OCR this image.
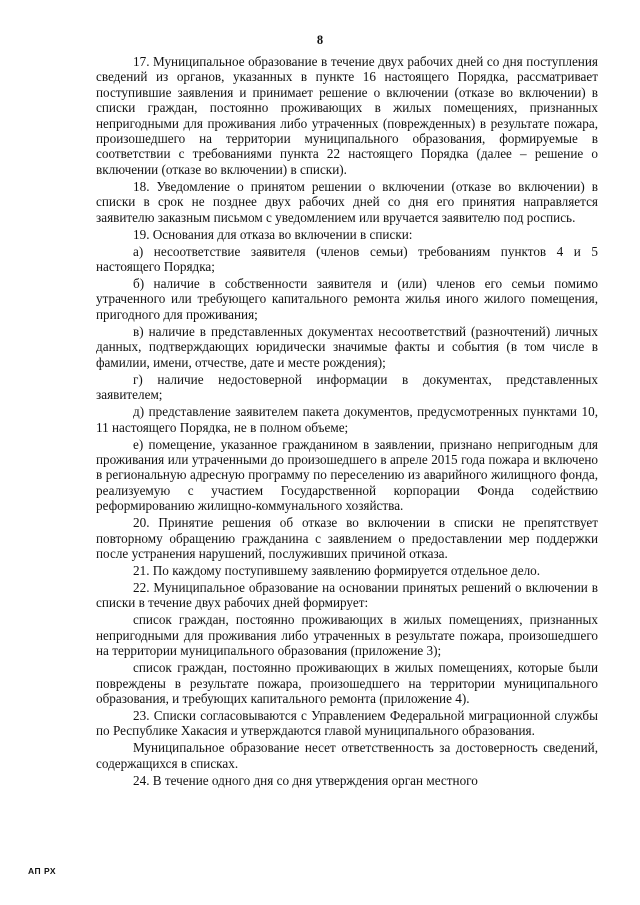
8

17. Муниципальное образование в течение двух рабочих дней со дня поступления сведений из органов, указанных в пункте 16 настоящего Порядка, рассматривает поступившие заявления и принимает решение о включении (отказе во включении) в списки граждан, постоянно проживающих в жилых помещениях, признанных непригодными для проживания либо утраченных (поврежденных) в результате пожара, произошедшего на территории муниципального образования, формируемые в соответствии с требованиями пункта 22 настоящего Порядка (далее – решение о включении (отказе во включении) в списки).

18. Уведомление о принятом решении о включении (отказе во включении) в списки в срок не позднее двух рабочих дней со дня его принятия направляется заявителю заказным письмом с уведомлением или вручается заявителю под роспись.

19. Основания для отказа во включении в списки:

а) несоответствие заявителя (членов семьи) требованиям пунктов 4 и 5 настоящего Порядка;

б) наличие в собственности заявителя и (или) членов его семьи помимо утраченного или требующего капитального ремонта жилья иного жилого помещения, пригодного для проживания;

в) наличие в представленных документах несоответствий (разночтений) личных данных, подтверждающих юридически значимые факты и события (в том числе в фамилии, имени, отчестве, дате и месте рождения);

г) наличие недостоверной информации в документах, представленных заявителем;

д) представление заявителем пакета документов, предусмотренных пунктами 10, 11 настоящего Порядка, не в полном объеме;

е) помещение, указанное гражданином в заявлении, признано непригодным для проживания или утраченными до произошедшего в апреле 2015 года пожара и включено в региональную адресную программу по переселению из аварийного жилищного фонда, реализуемую с участием Государственной корпорации Фонда содействию реформированию жилищно-коммунального хозяйства.

20. Принятие решения об отказе во включении в списки не препятствует повторному обращению гражданина с заявлением о предоставлении мер поддержки после устранения нарушений, послуживших причиной отказа.

21. По каждому поступившему заявлению формируется отдельное дело.

22. Муниципальное образование на основании принятых решений о включении в списки в течение двух рабочих дней формирует:

список граждан, постоянно проживающих в жилых помещениях, признанных непригодными для проживания либо утраченных в результате пожара, произошедшего на территории муниципального образования (приложение 3);

список граждан, постоянно проживающих в жилых помещениях, которые были повреждены в результате пожара, произошедшего на территории муниципального образования, и требующих капитального ремонта (приложение 4).

23. Списки согласовываются с Управлением Федеральной миграционной службы по Республике Хакасия и утверждаются главой муниципального образования.

Муниципальное образование несет ответственность за достоверность сведений, содержащихся в списках.

24. В течение одного дня со дня утверждения орган местного

АП РХ
